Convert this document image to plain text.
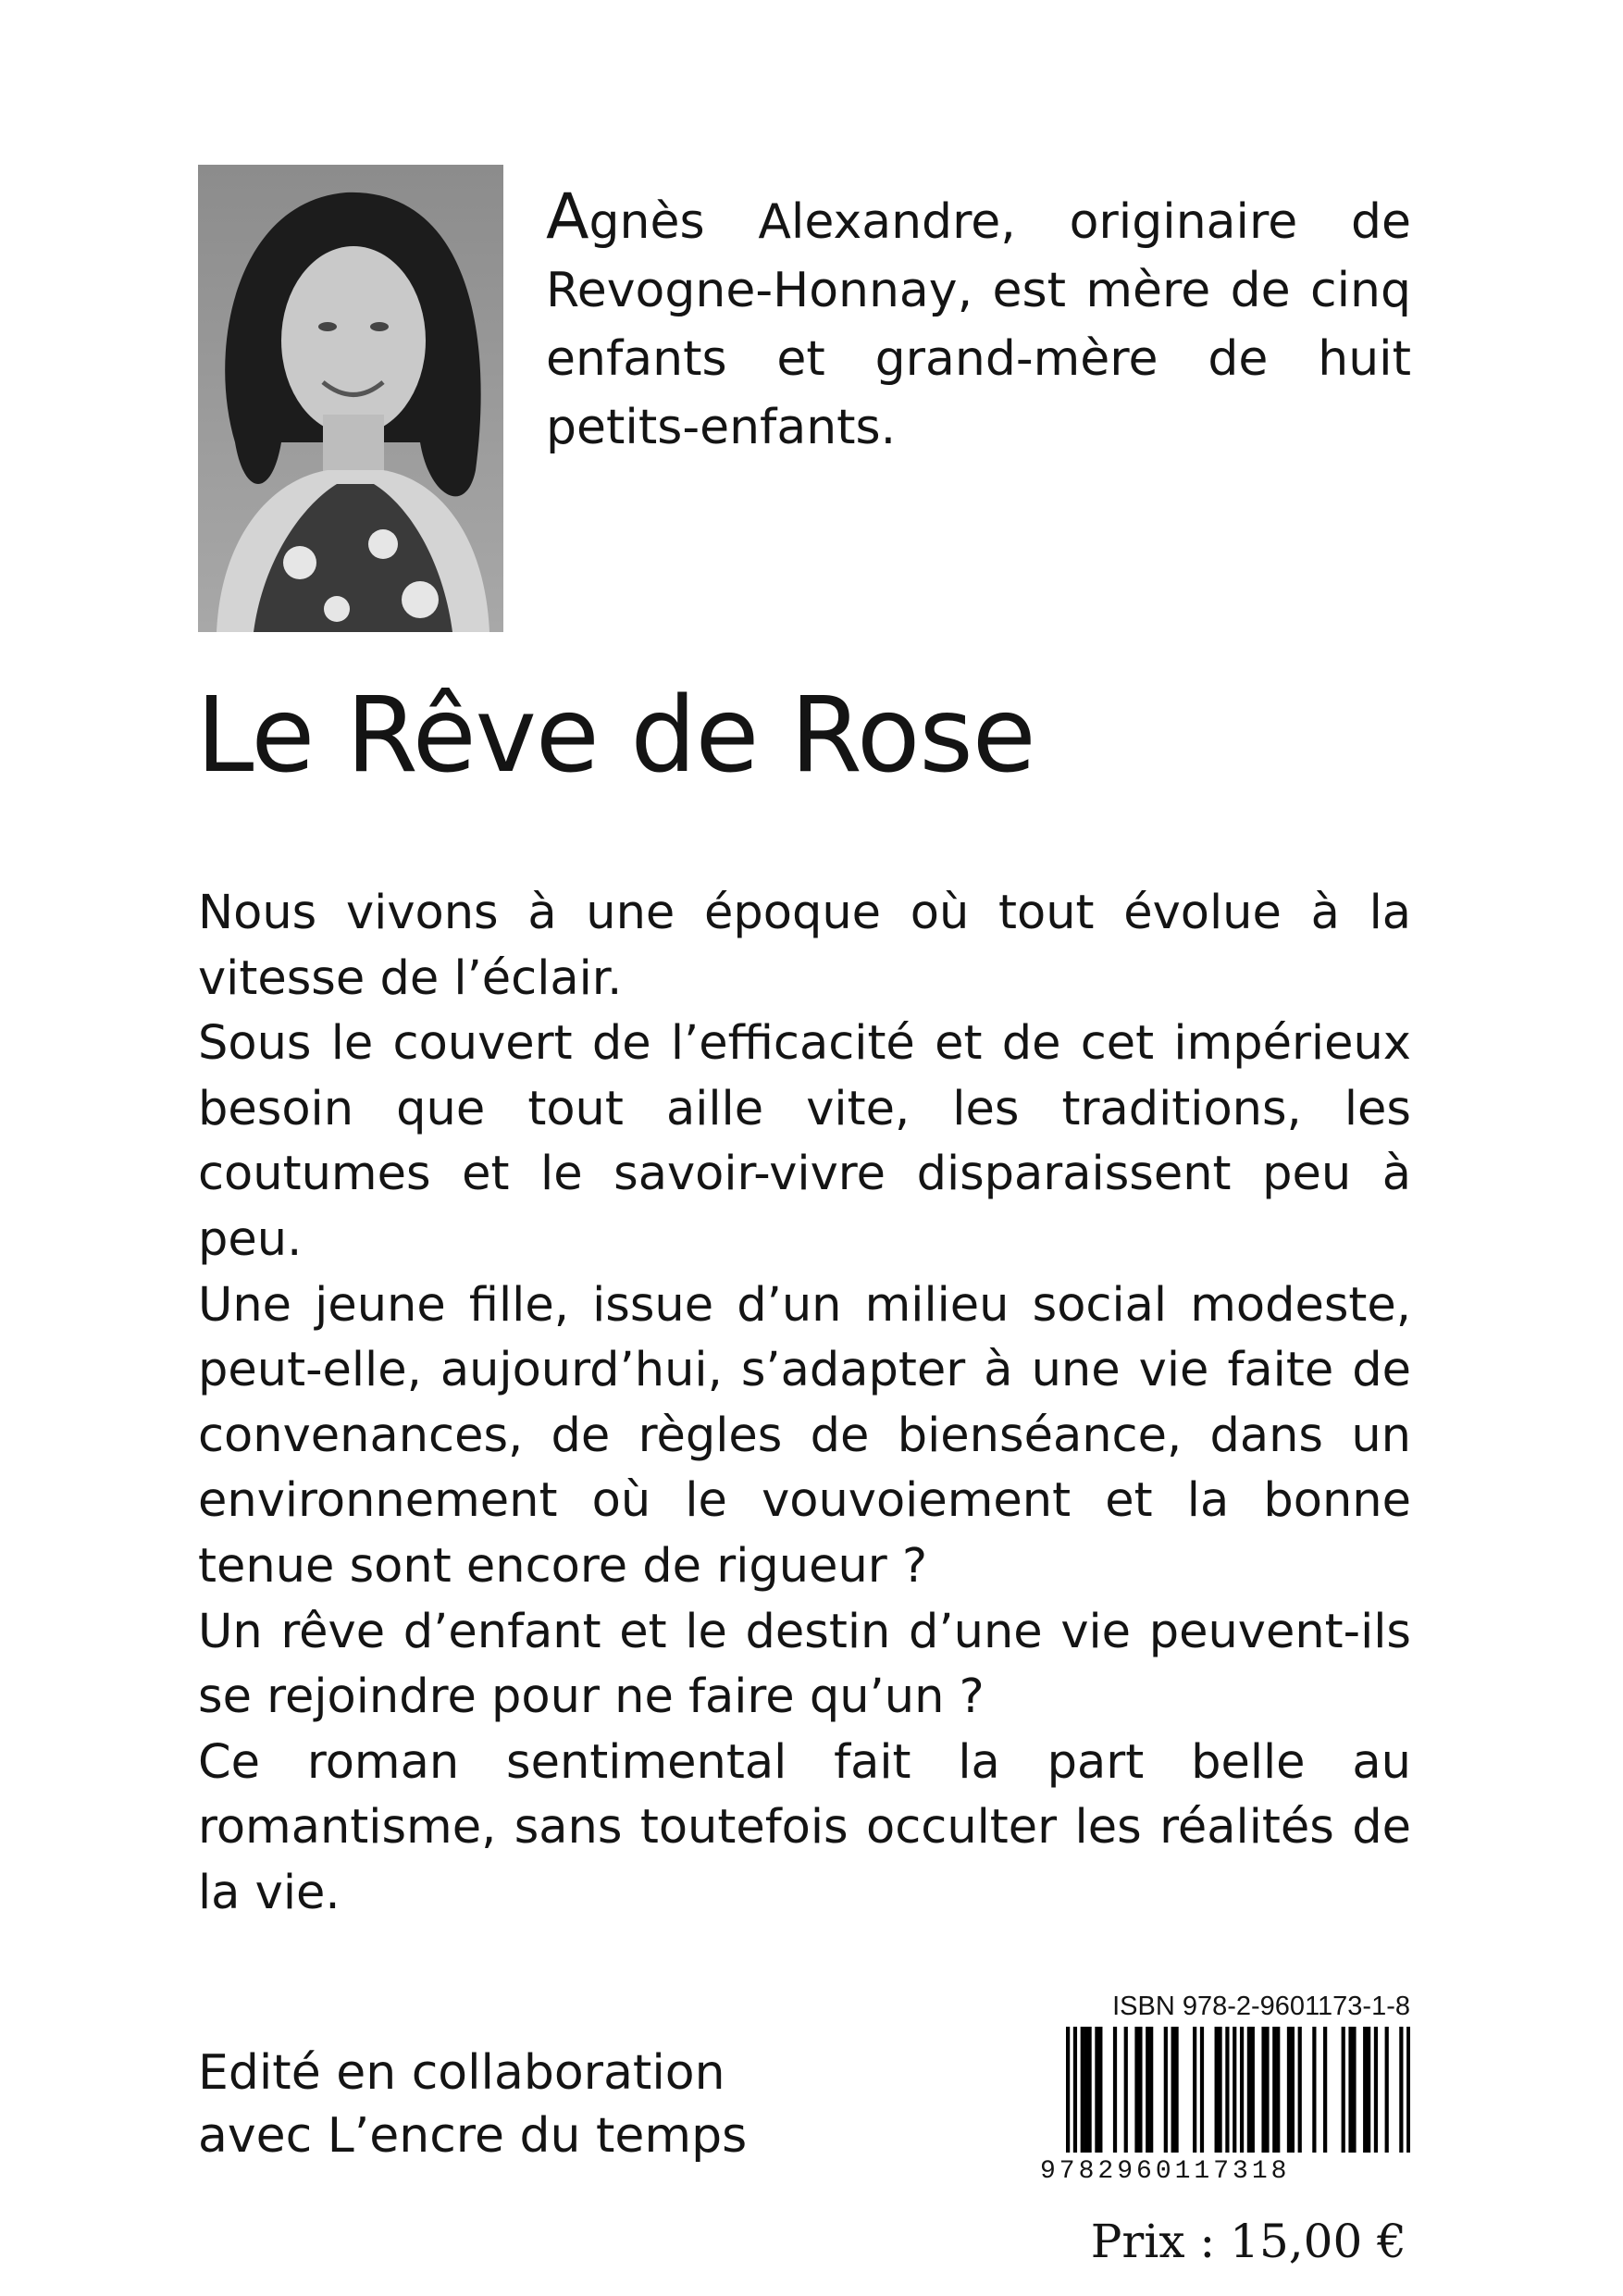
Agnès Alexandre, originaire de Revogne-Honnay, est mère de cinq enfants et grand-mère de huit petits-enfants.

Le Rêve de Rose

Nous vivons à une époque où tout évolue à la vitesse de l’éclair.

Sous le couvert de l’efficacité et de cet impérieux besoin que tout aille vite, les traditions, les coutumes et le savoir-vivre disparaissent peu à peu.

Une jeune fille, issue d’un milieu social modeste, peut-elle, aujourd’hui, s’adapter à une vie faite de convenances, de règles de bienséance, dans un environnement où le vouvoiement et la bonne tenue sont encore de rigueur ?

Un rêve d’enfant et le destin d’une vie peuvent-ils se rejoindre pour ne faire qu’un ?

Ce roman sentimental fait la part belle au romantisme, sans toutefois occulter les réalités de la vie.

Edité en collaboration
avec L’encre du temps
ISBN 978-2-9601173-1-8
9782960117318

Prix : 15,00 €
